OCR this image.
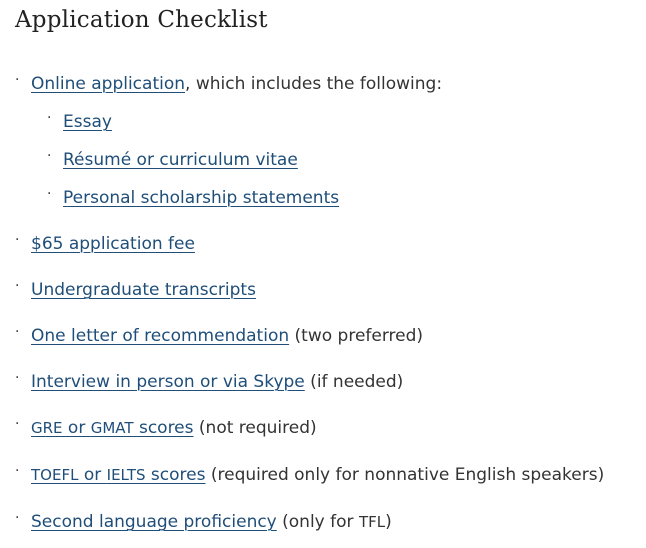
Application Checklist
· Online application, which includes the following:
· Essay
· Résumé or curriculum vitae
· Personal scholarship statements
· $65 application fee
· Undergraduate transcripts
· One letter of recommendation (two preferred)
· Interview in person or via Skype (if needed)
· GRE or GMAT scores (not required)
· TOEFL or IELTS scores (required only for nonnative English speakers)
· Second language proficiency (only for TFL)
